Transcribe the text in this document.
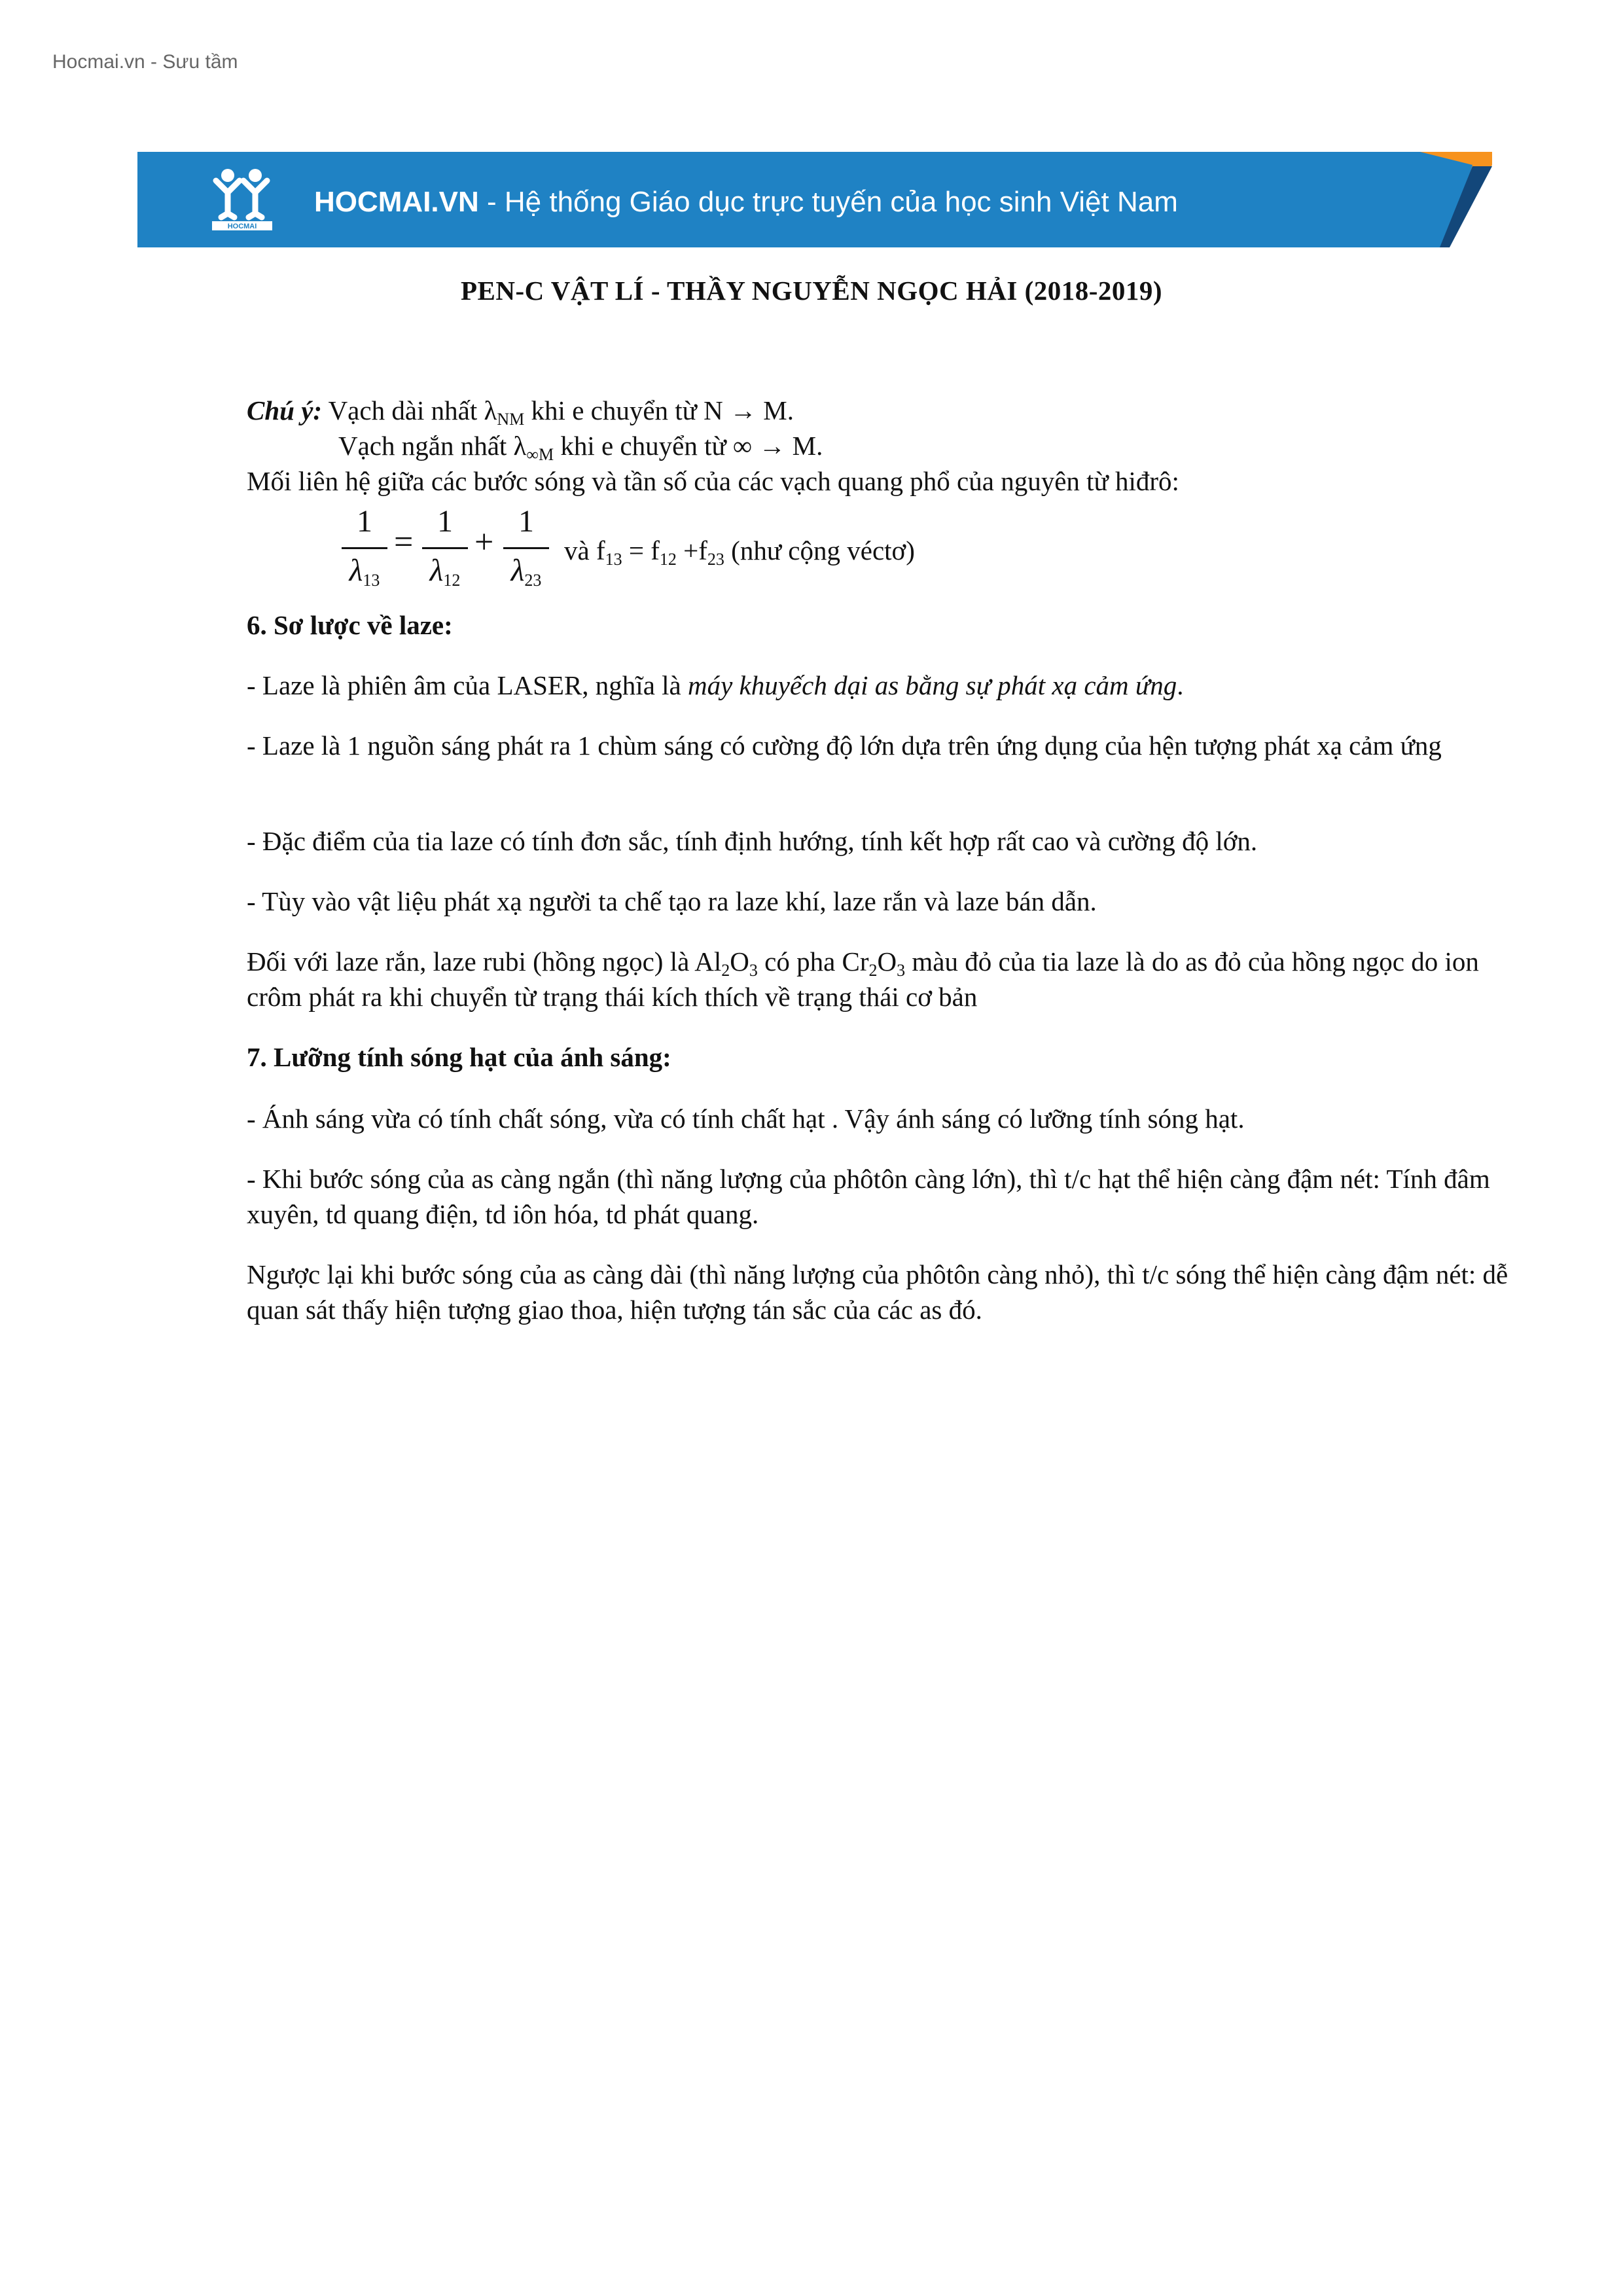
Hocmai.vn - Sưu tầm
HOCMAI
HOCMAI.VN - Hệ thống Giáo dục trực tuyến của học sinh Việt Nam
PEN-C VẬT LÍ - THẦY NGUYỄN NGỌC HẢI (2018-2019)
Chú ý: Vạch dài nhất $\lambda_{NM}$ khi e chuyển từ N → M.
Vạch ngắn nhất $\lambda_{\infty M}$ khi e chuyển từ ∞ → M.
Mối liên hệ giữa các bước sóng và tần số của các vạch quang phổ của nguyên từ hiđrô:
1
$\lambda_{13}$
=
1
$\lambda_{12}$
+
1
$\lambda_{23}$
và $f_{13} = f_{12} +f_{23}$ (như cộng véctơ)
6. Sơ lược về laze:
- Laze là phiên âm của LASER, nghĩa là máy khuyếch dại as bằng sự phát xạ cảm ứng.
- Laze là 1 nguồn sáng phát ra 1 chùm sáng có cường độ lớn dựa trên ứng dụng của hện tượng phát xạ cảm ứng
- Đặc điểm của tia laze có tính đơn sắc, tính định hướng, tính kết hợp rất cao và cường độ lớn.
- Tùy vào vật liệu phát xạ người ta chế tạo ra laze khí, laze rắn và laze bán dẫn.
Đối với laze rắn, laze rubi (hồng ngọc) là $Al_2O_3$ có pha $Cr_2O_3$ màu đỏ của tia laze là do as đỏ của hồng ngọc do ion crôm phát ra khi chuyển từ trạng thái kích thích về trạng thái cơ bản
7. Lưỡng tính sóng hạt của ánh sáng:
- Ánh sáng vừa có tính chất sóng, vừa có tính chất hạt . Vậy ánh sáng có lưỡng tính sóng hạt.
- Khi bước sóng của as càng ngắn (thì năng lượng của phôtôn càng lớn), thì t/c hạt thể hiện càng đậm nét: Tính đâm xuyên, td quang điện, td iôn hóa, td phát quang.
Ngược lại khi bước sóng của as càng dài (thì năng lượng của phôtôn càng nhỏ), thì t/c sóng thể hiện càng đậm nét: dễ quan sát thấy hiện tượng giao thoa, hiện tượng tán sắc của các as đó.
